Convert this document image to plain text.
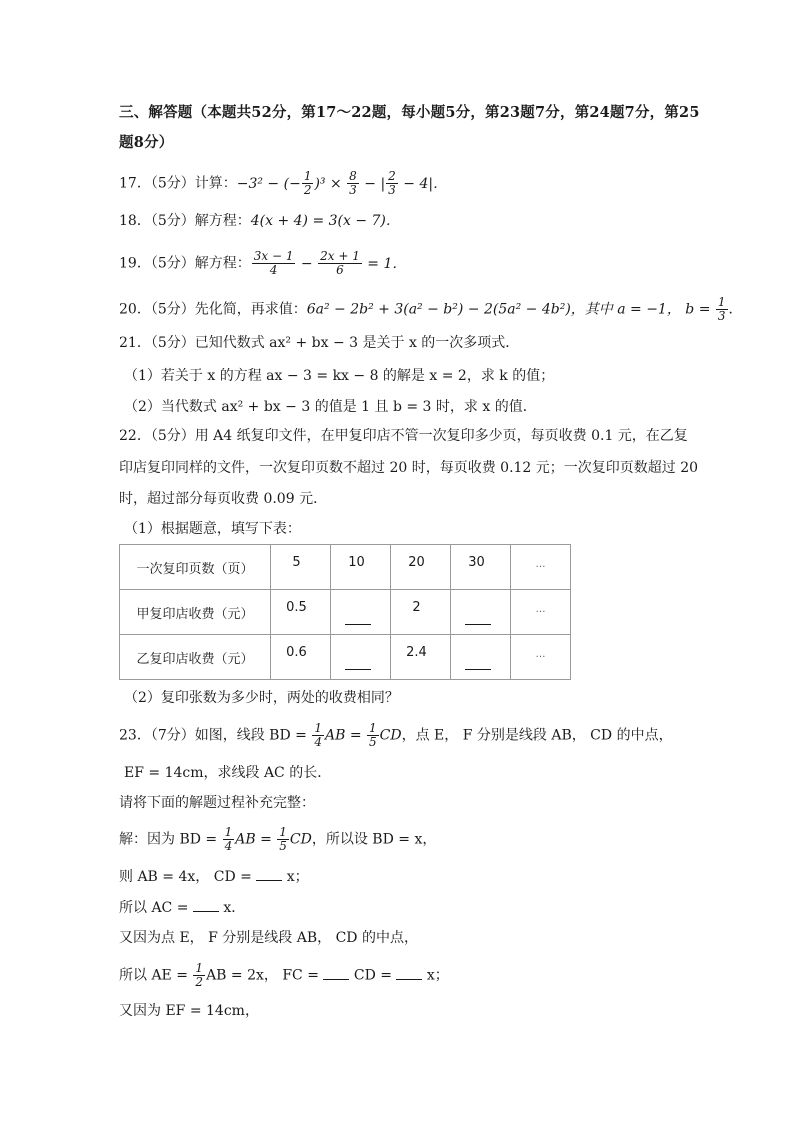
三、解答题（本题共52分，第17～22题，每小题5分，第23题7分，第24题7分，第25
题8分）
17．（5分）计算：−3² − (− $\frac{1}{2} )^3 \times \frac{8}{3}$ − | $\frac{2}{3} - 4|$．
18．（5分）解方程：4(x + 4) = 3(x − 7)．
19．（5分）解方程： $\frac{3x - 1}{4} - \frac{2x + 1}{6} = 1$．
20．（5分）先化简，再求值：6a² − 2b² + 3(a² − b²) − 2(5a² − 4b²)，其中 a = −1， $b = \frac{1}{3}$ ．
21．（5分）已知代数式 ax² + bx − 3 是关于 x 的一次多项式．
（1）若关于 x 的方程 ax − 3 = kx − 8 的解是 x = 2，求 k 的值；
（2）当代数式 ax² + bx − 3 的值是 1 且 b = 3 时，求 x 的值．
22．（5分）用 A4 纸复印文件，在甲复印店不管一次复印多少页，每页收费 0.1 元，在乙复
印店复印同样的文件，一次复印页数不超过 20 时，每页收费 0.12 元；一次复印页数超过 20
时，超过部分每页收费 0.09 元．
（1）根据题意，填写下表：
一次复印页数（页）	5	10	20	30	…

甲复印店收费（元）	0.5		2		…

乙复印店收费（元）	0.6		2.4		…
（2）复印张数为多少时，两处的收费相同？
23．（7分）如图，线段 BD = $\frac{1}{4}$ AB = $\frac{1}{5}$ CD，点 E， F 分别是线段 AB， CD 的中点，
EF = 14cm，求线段 AC 的长．
请将下面的解题过程补充完整：
解：因为 BD = $\frac{1}{4}$ AB = $\frac{1}{5}$ CD，所以设 BD = x，
则 AB = 4x， CD =  x；
所以 AC =  x．
又因为点 E， F 分别是线段 AB， CD 的中点，
所以 AE = $\frac{1}{2}$ AB = 2x， FC =  CD =  x；
又因为 EF = 14cm，
